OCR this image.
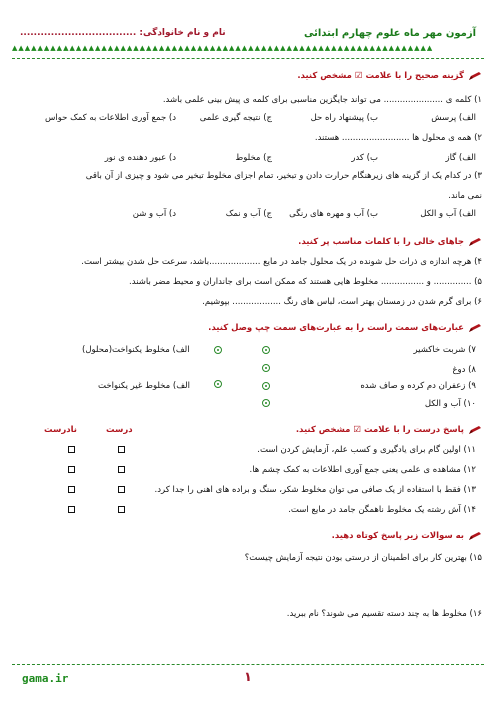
آزمون مهر ماه علوم چهارم ابتدائی
نام و نام خانوادگی: ..................................
▲▲▲▲▲▲▲▲▲▲▲▲▲▲▲▲▲▲▲▲▲▲▲▲▲▲▲▲▲▲▲▲▲▲▲▲▲▲▲▲▲▲▲▲▲▲▲▲▲▲▲▲▲▲▲▲▲▲▲▲▲▲▲▲▲▲
گزینه صحیح را با علامت ☑ مشخص کنید.
۱) کلمه ی ...................... می تواند جایگزین مناسبی برای کلمه ی پیش بینی علمی باشد.
الف) پرسش
ب) پیشنهاد راه حل
ج) نتیجه گیری علمی
د) جمع آوری اطلاعات به کمک حواس
۲) همه ی محلول ها ......................... هستند.
الف) گاز
ب) کدر
ج) مخلوط
د) عبور دهنده ی نور
۳) در کدام یک از گزینه های زیرهنگام حرارت دادن و تبخیر، تمام اجزای مخلوط تبخیر می شود و چیزی از آن باقی
نمی ماند.
الف) آب و الکل
ب) آب و مهره های رنگی
ج) آب و نمک
د) آب و شن
جاهای خالی را با کلمات مناسب پر کنید.
۴) هرچه اندازه ی ذرات حل شونده در یک محلول جامد در مایع ...................باشد، سرعت حل شدن بیشتر است.
۵) .............. و ................ مخلوط هایی هستند که ممکن است برای جانداران و محیط مضر باشند.
۶) برای گرم شدن در زمستان بهتر است، لباس های رنگ .................. بپوشیم.
عبارت‌های سمت راست را به عبارت‌های سمت چپ وصل کنید.
۷) شربت خاکشیر
۸) دوغ
۹) زعفران دم کرده و صاف شده
۱۰) آب و الکل
الف) مخلوط یکنواخت(محلول)
الف) مخلوط غیر یکنواخت
پاسخ درست را با علامت ☑ مشخص کنید.
درست
نادرست
۱۱) اولین گام برای یادگیری و کسب علم، آزمایش کردن است.
۱۲) مشاهده ی علمی یعنی جمع آوری اطلاعات به کمک چشم ها.
۱۳) فقط با استفاده از یک صافی می توان مخلوط شکر، سنگ و براده های اهنی را جدا کرد.
۱۴) آش رشته یک مخلوط ناهمگن جامد در مایع است.
به سوالات زیر پاسخ کوتاه دهید.
۱۵) بهترین کار برای اطمینان از درستی بودن نتیجه آزمایش چیست؟
۱۶) مخلوط ها به چند دسته تقسیم می شوند؟ نام ببرید.
gama.ir	۱
